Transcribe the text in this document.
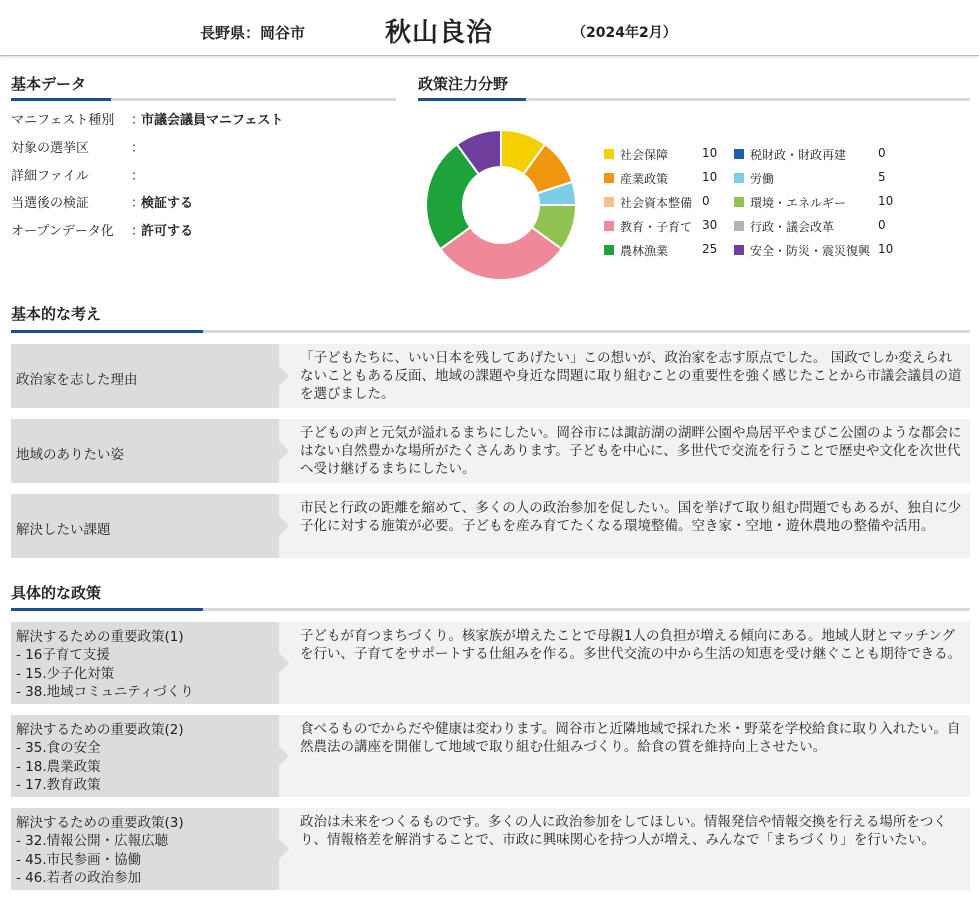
長野県：岡谷市	秋山良治	（2024年2月）
基本データ
マニフェスト種別 ：市議会議員マニフェスト
対象の選挙区	：
詳細ファイル	：
当選後の検証	：検証する
オープンデータ化 ：許可する
政策注力分野
社会保障	10	税財政・財政再建	0
産業政策	10	労働	5
社会資本整備 0	環境・エネルギー	10
教育・子育て 30	行政・議会改革	0
農林漁業	25	安全・防災・震災復興 10
基本的な考え
政治家を志した理由
「子どもたちに、いい日本を残してあげたい」この想いが、政治家を志す原点でした。 国政でしか変えられないこともある反面、地域の課題や身近な問題に取り組むことの重要性を強く感じたことから市議会議員の道を選びました。
地域のありたい姿
子どもの声と元気が溢れるまちにしたい。岡谷市には諏訪湖の湖畔公園や鳥居平やまびこ公園のような都会にはない自然豊かな場所がたくさんあります。子どもを中心に、多世代で交流を行うことで歴史や文化を次世代へ受け継げるまちにしたい。
解決したい課題
市民と行政の距離を縮めて、多くの人の政治参加を促したい。国を挙げて取り組む問題でもあるが、独自に少子化に対する施策が必要。子どもを産み育てたくなる環境整備。空き家・空地・遊休農地の整備や活用。
具体的な政策
解決するための重要政策(1)
- 16子育て支援
- 15.少子化対策
- 38.地域コミュニティづくり
子どもが育つまちづくり。核家族が増えたことで母親1人の負担が増える傾向にある。地域人財とマッチングを行い、子育てをサポートする仕組みを作る。多世代交流の中から生活の知恵を受け継ぐことも期待できる。
解決するための重要政策(2)
- 35.食の安全
- 18.農業政策
- 17.教育政策
食べるものでからだや健康は変わります。岡谷市と近隣地域で採れた米・野菜を学校給食に取り入れたい。自然農法の講座を開催して地域で取り組む仕組みづくり。給食の質を維持向上させたい。
解決するための重要政策(3)
- 32.情報公開・広報広聴
- 45.市民参画・協働
- 46.若者の政治参加
政治は未来をつくるものです。多くの人に政治参加をしてほしい。情報発信や情報交換を行える場所をつくり、情報格差を解消することで、市政に興味関心を持つ人が増え、みんなで「まちづくり」を行いたい。
